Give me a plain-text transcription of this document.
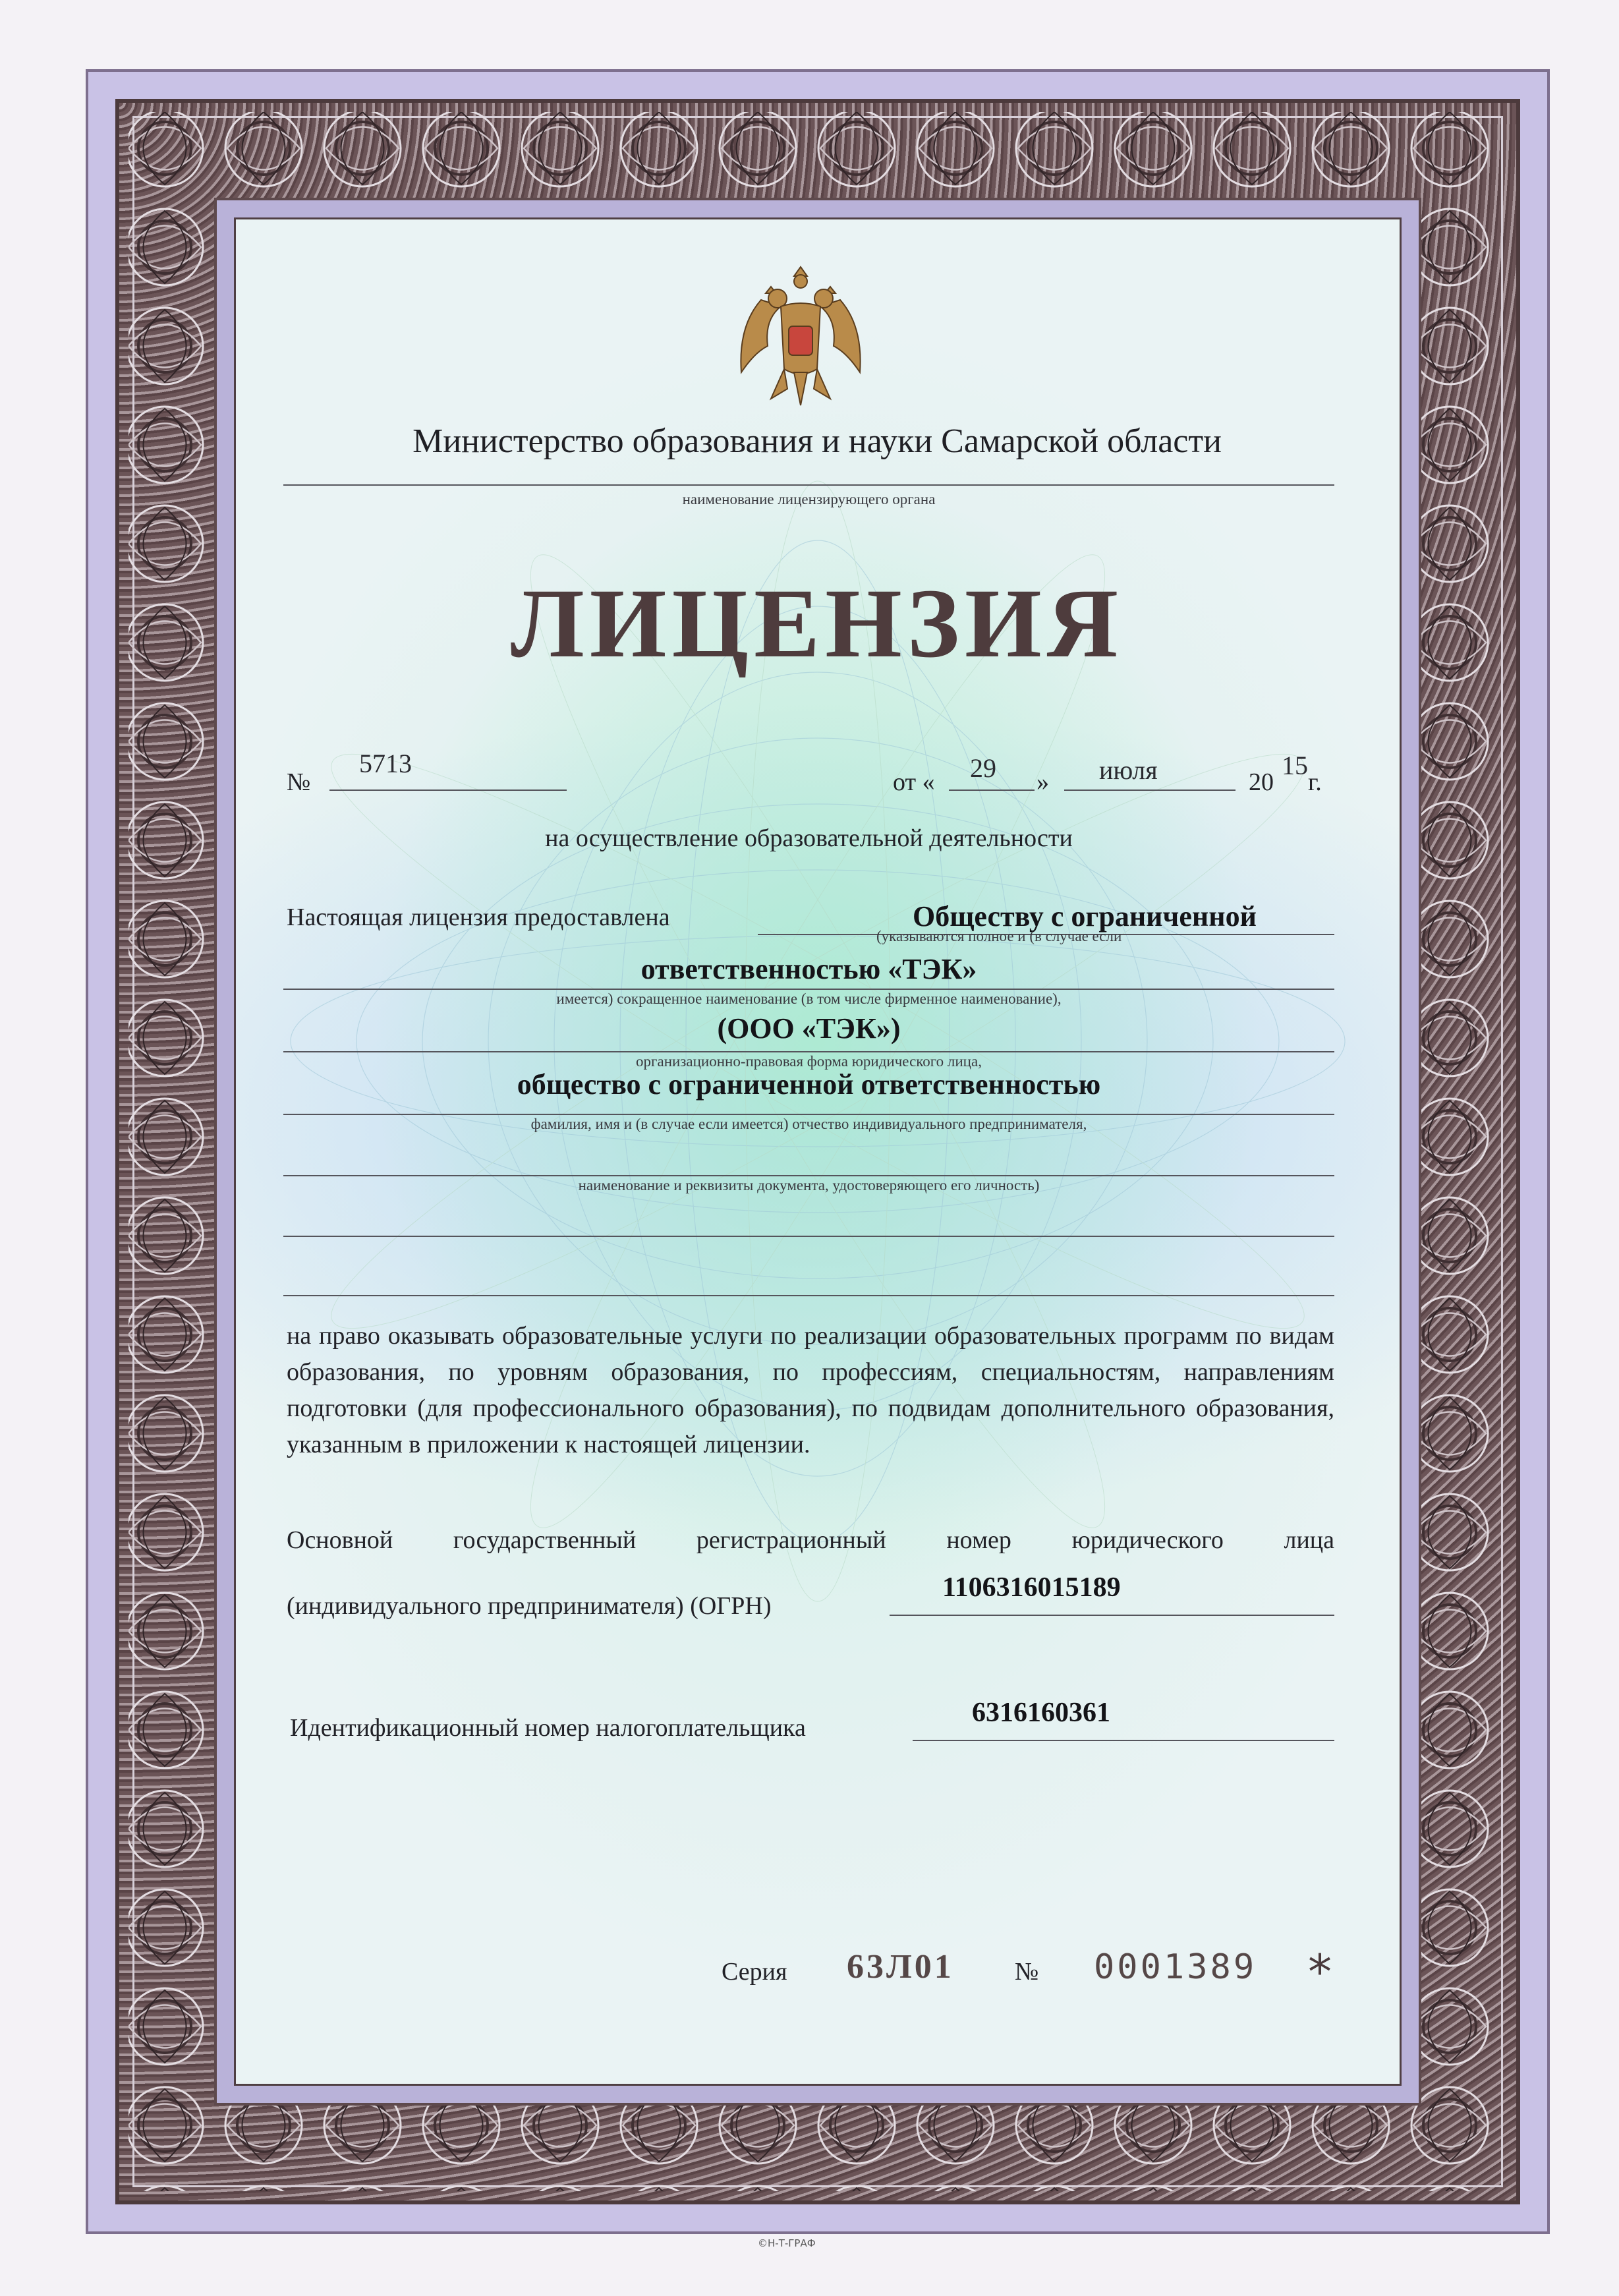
Министерство образования и науки Самарской области
наименование лицензирующего органа
ЛИЦЕНЗИЯ
№
5713
от « 29 » июля	20
15
г.
на осуществление образовательной деятельности
Настоящая лицензия предоставлена	Обществу с ограниченной
(указываются полное и (в случае если
ответственностью «ТЭК»
имеется) сокращенное наименование (в том числе фирменное наименование),
(ООО «ТЭК»)
организационно-правовая форма юридического лица,
общество с ограниченной ответственностью
фамилия, имя и (в случае если имеется) отчество индивидуального предпринимателя,
наименование и реквизиты документа, удостоверяющего его личность)
на право оказывать образовательные услуги по реализации образовательных программ по видам образования, по уровням образования, по профессиям, специальностям, направлениям подготовки (для профессионального образования), по подвидам дополнительного образования, указанным в приложении к настоящей лицензии.
Основной государственный регистрационный номер юридического лица
(индивидуального предпринимателя) (ОГРН)
1106316015189
Идентификационный номер налогоплательщика	6316160361
Серия 63Л01 № 0001389 *
©Н-Т-ГРАФ
